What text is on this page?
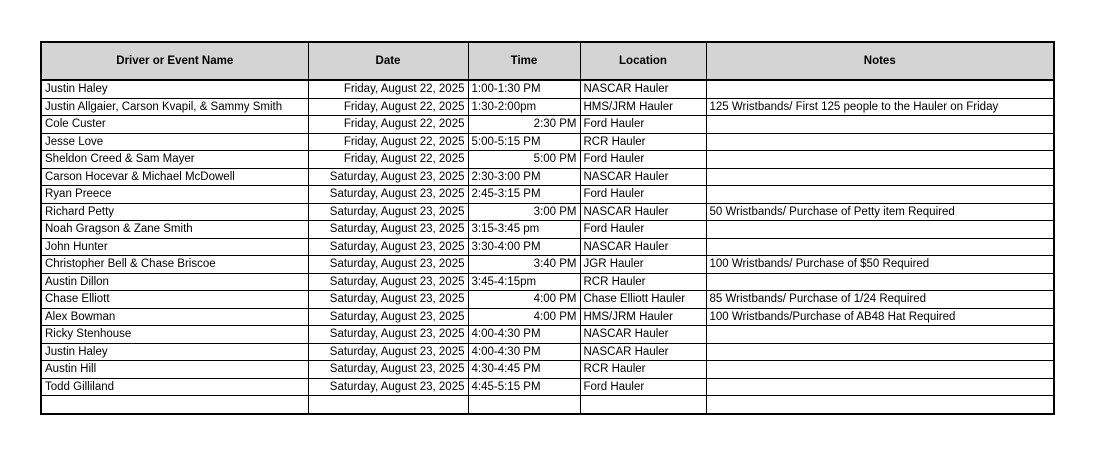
Driver or Event Name	Date	Time	Location	Notes
Justin Haley	Friday, August 22, 2025	1:00-1:30 PM	NASCAR Hauler	
Justin Allgaier, Carson Kvapil, & Sammy Smith	Friday, August 22, 2025	1:30-2:00pm	HMS/JRM Hauler	125 Wristbands/ First 125 people to the Hauler on Friday
Cole Custer	Friday, August 22, 2025	2:30 PM	Ford Hauler	
Jesse Love	Friday, August 22, 2025	5:00-5:15 PM	RCR Hauler	
Sheldon Creed & Sam Mayer	Friday, August 22, 2025	5:00 PM	Ford Hauler	
Carson Hocevar & Michael McDowell	Saturday, August 23, 2025	2:30-3:00 PM	NASCAR Hauler	
Ryan Preece	Saturday, August 23, 2025	2:45-3:15 PM	Ford Hauler	
Richard Petty	Saturday, August 23, 2025	3:00 PM	NASCAR Hauler	50 Wristbands/ Purchase of Petty item Required
Noah Gragson & Zane Smith	Saturday, August 23, 2025	3:15-3:45 pm	Ford Hauler	
John Hunter	Saturday, August 23, 2025	3:30-4:00 PM	NASCAR Hauler	
Christopher Bell & Chase Briscoe	Saturday, August 23, 2025	3:40 PM	JGR Hauler	100 Wristbands/ Purchase of $50 Required
Austin Dillon	Saturday, August 23, 2025	3:45-4:15pm	RCR Hauler	
Chase Elliott	Saturday, August 23, 2025	4:00 PM	Chase Elliott Hauler	85 Wristbands/ Purchase of 1/24 Required
Alex Bowman	Saturday, August 23, 2025	4:00 PM	HMS/JRM Hauler	100 Wristbands/Purchase of AB48 Hat Required
Ricky Stenhouse	Saturday, August 23, 2025	4:00-4:30 PM	NASCAR Hauler	
Justin Haley	Saturday, August 23, 2025	4:00-4:30 PM	NASCAR Hauler	
Austin Hill	Saturday, August 23, 2025	4:30-4:45 PM	RCR Hauler	
Todd Gilliland	Saturday, August 23, 2025	4:45-5:15 PM	Ford Hauler	
